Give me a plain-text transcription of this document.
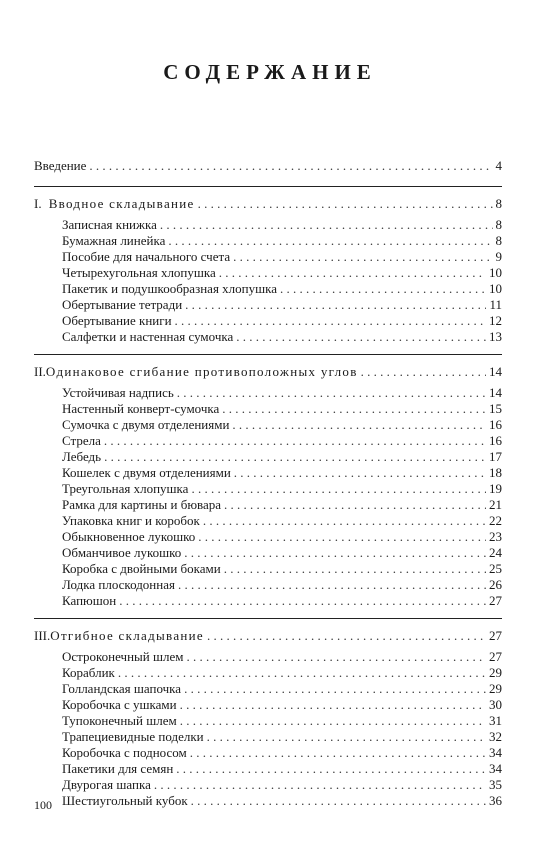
СОДЕРЖАНИЕ
Введение . . .	4
I. Вводное складывание . . .	8
Записная книжка . . .	8
Бумажная линейка . . .	8
Пособие для начального счета . . .	9
Четырехугольная хлопушка . . .	10
Пакетик и подушкообразная хлопушка . . .	10
Обертывание тетради . . .	11
Обертывание книги . . .	12
Салфетки и настенная сумочка . . .	13
II. Одинаковое сгибание противоположных углов . . .	14
Устойчивая надпись . . .	14
Настенный конверт-сумочка . . .	15
Сумочка с двумя отделениями . . .	16
Стрела . . .	16
Лебедь . . .	17
Кошелек с двумя отделениями . . .	18
Треугольная хлопушка . . .	19
Рамка для картины и бювара . . .	21
Упаковка книг и коробок . . .	22
Обыкновенное лукошко . . .	23
Обманчивое лукошко . . .	24
Коробка с двойными боками . . .	25
Лодка плоскодонная . . .	26
Капюшон . . .	27
III. Отгибное складывание . . .	27
Остроконечный шлем . . .	27
Кораблик . . .	29
Голландская шапочка . . .	29
Коробочка с ушками . . .	30
Тупоконечный шлем . . .	31
Трапециевидные поделки . . .	32
Коробочка с подносом . . .	34
Пакетики для семян . . .	34
Двурогая шапка . . .	35
Шестиугольный кубок . . .	36

100
